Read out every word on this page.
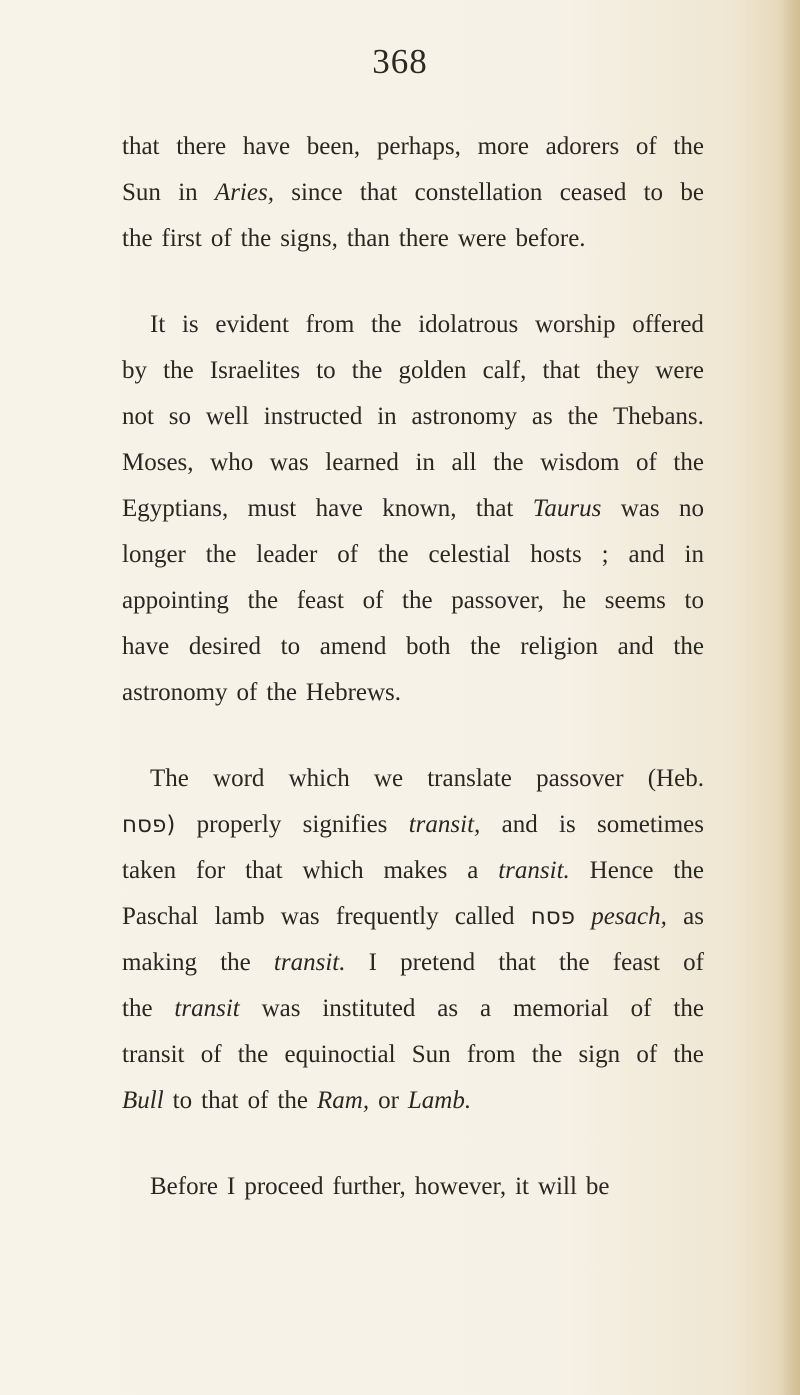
368
that there have been, perhaps, more adorers of the
Sun in Aries, since that constellation ceased to be
the first of the signs, than there were before.
It is evident from the idolatrous worship offered
by the Israelites to the golden calf, that they were
not so well instructed in astronomy as the Thebans.
Moses, who was learned in all the wisdom of the
Egyptians, must have known, that Taurus was no
longer the leader of the celestial hosts ; and in
appointing the feast of the passover, he seems to
have desired to amend both the religion and the
astronomy of the Hebrews.
The word which we translate passover (Heb.
פסח) properly signifies transit, and is sometimes
taken for that which makes a transit. Hence the
Paschal lamb was frequently called פסח pesach, as
making the transit. I pretend that the feast of
the transit was instituted as a memorial of the
transit of the equinoctial Sun from the sign of the
Bull to that of the Ram, or Lamb.
Before I proceed further, however, it will be
